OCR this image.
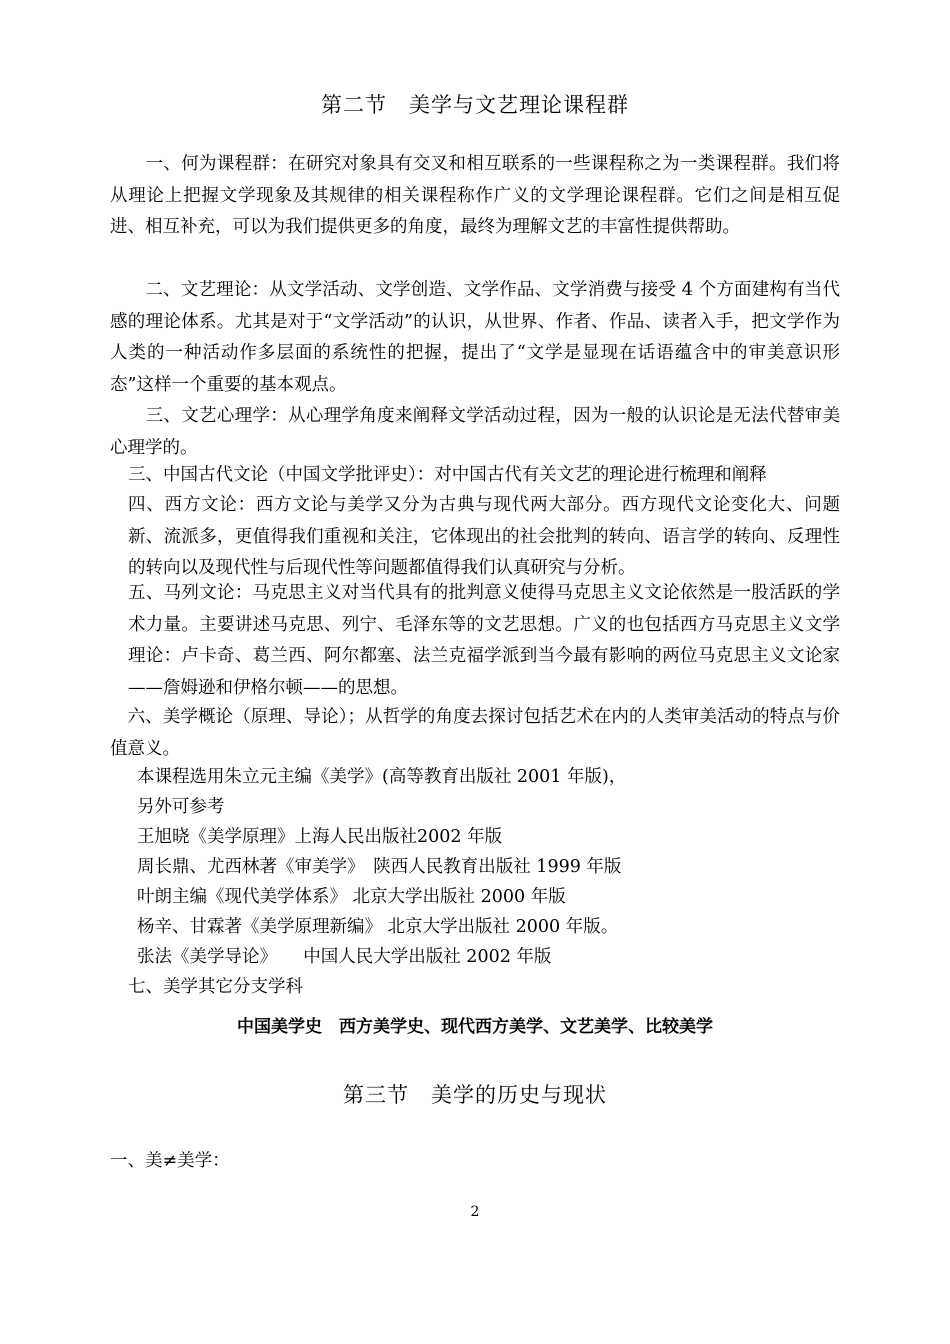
第二节　美学与文艺理论课程群
　　一、何为课程群：在研究对象具有交叉和相互联系的一些课程称之为一类课程群。我们将从理论上把握文学现象及其规律的相关课程称作广义的文学理论课程群。它们之间是相互促进、相互补充，可以为我们提供更多的角度，最终为理解文艺的丰富性提供帮助。
　　二、文艺理论：从文学活动、文学创造、文学作品、文学消费与接受 4 个方面建构有当代感的理论体系。尤其是对于“文学活动”的认识，从世界、作者、作品、读者入手，把文学作为人类的一种活动作多层面的系统性的把握，提出了“文学是显现在话语蕴含中的审美意识形态”这样一个重要的基本观点。
　　三、文艺心理学：从心理学角度来阐释文学活动过程，因为一般的认识论是无法代替审美心理学的。
三、中国古代文论（中国文学批评史）：对中国古代有关文艺的理论进行梳理和阐释
四、西方文论：西方文论与美学又分为古典与现代两大部分。西方现代文论变化大、问题新、流派多，更值得我们重视和关注，它体现出的社会批判的转向、语言学的转向、反理性的转向以及现代性与后现代性等问题都值得我们认真研究与分析。
五、马列文论：马克思主义对当代具有的批判意义使得马克思主义文论依然是一股活跃的学术力量。主要讲述马克思、列宁、毛泽东等的文艺思想。广义的也包括西方马克思主义文学理论：卢卡奇、葛兰西、阿尔都塞、法兰克福学派到当今最有影响的两位马克思主义文论家——詹姆逊和伊格尔顿——的思想。
　六、美学概论（原理、导论）；从哲学的角度去探讨包括艺术在内的人类审美活动的特点与价值意义。
本课程选用朱立元主编《美学》(高等教育出版社 2001 年版)，
另外可参考
王旭晓《美学原理》上海人民出版社2002 年版
周长鼎、尤西林著《审美学》　陕西人民教育出版社 1999 年版
叶朗主编《现代美学体系》 北京大学出版社 2000 年版
杨辛、甘霖著《美学原理新编》 北京大学出版社 2000 年版。
张法《美学导论》　　中国人民大学出版社 2002 年版
七、美学其它分支学科
中国美学史　西方美学史、现代西方美学、文艺美学、比较美学
第三节　美学的历史与现状
一、美≠美学：
2
